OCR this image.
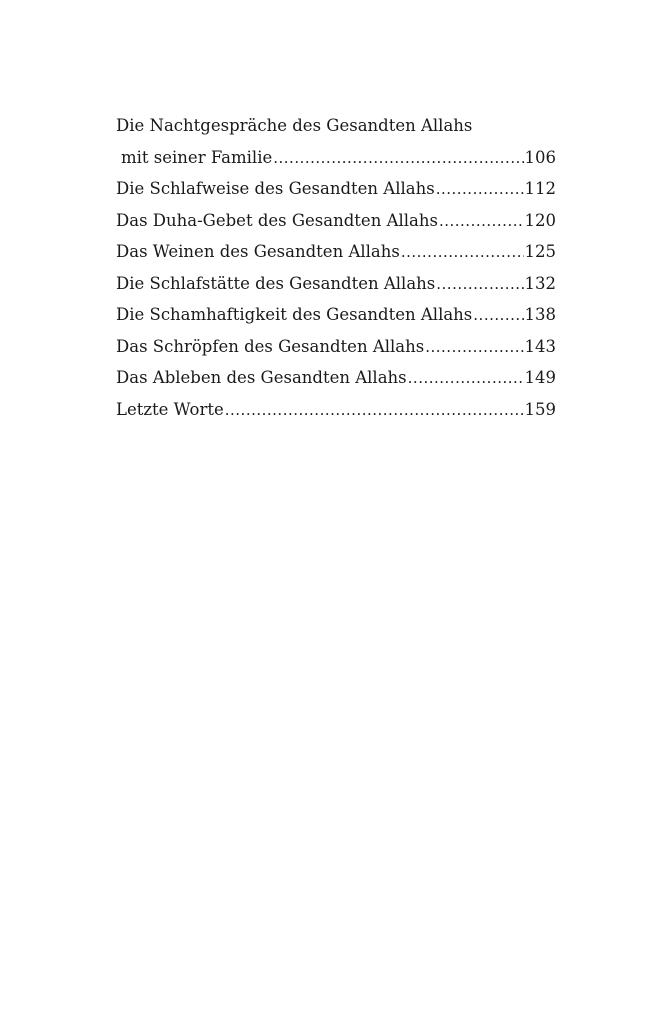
Die Nachtgespräche des Gesandten Allahs
mit seiner Familie .....	106
Die Schlafweise des Gesandten Allahs .....	112
Das Duha-Gebet des Gesandten Allahs .....	120
Das Weinen des Gesandten Allahs .....	125
Die Schlafstätte des Gesandten Allahs .....	132
Die Schamhaftigkeit des Gesandten Allahs .....	138
Das Schröpfen des Gesandten Allahs .....	143
Das Ableben des Gesandten Allahs .....	149
Letzte Worte .....	159
